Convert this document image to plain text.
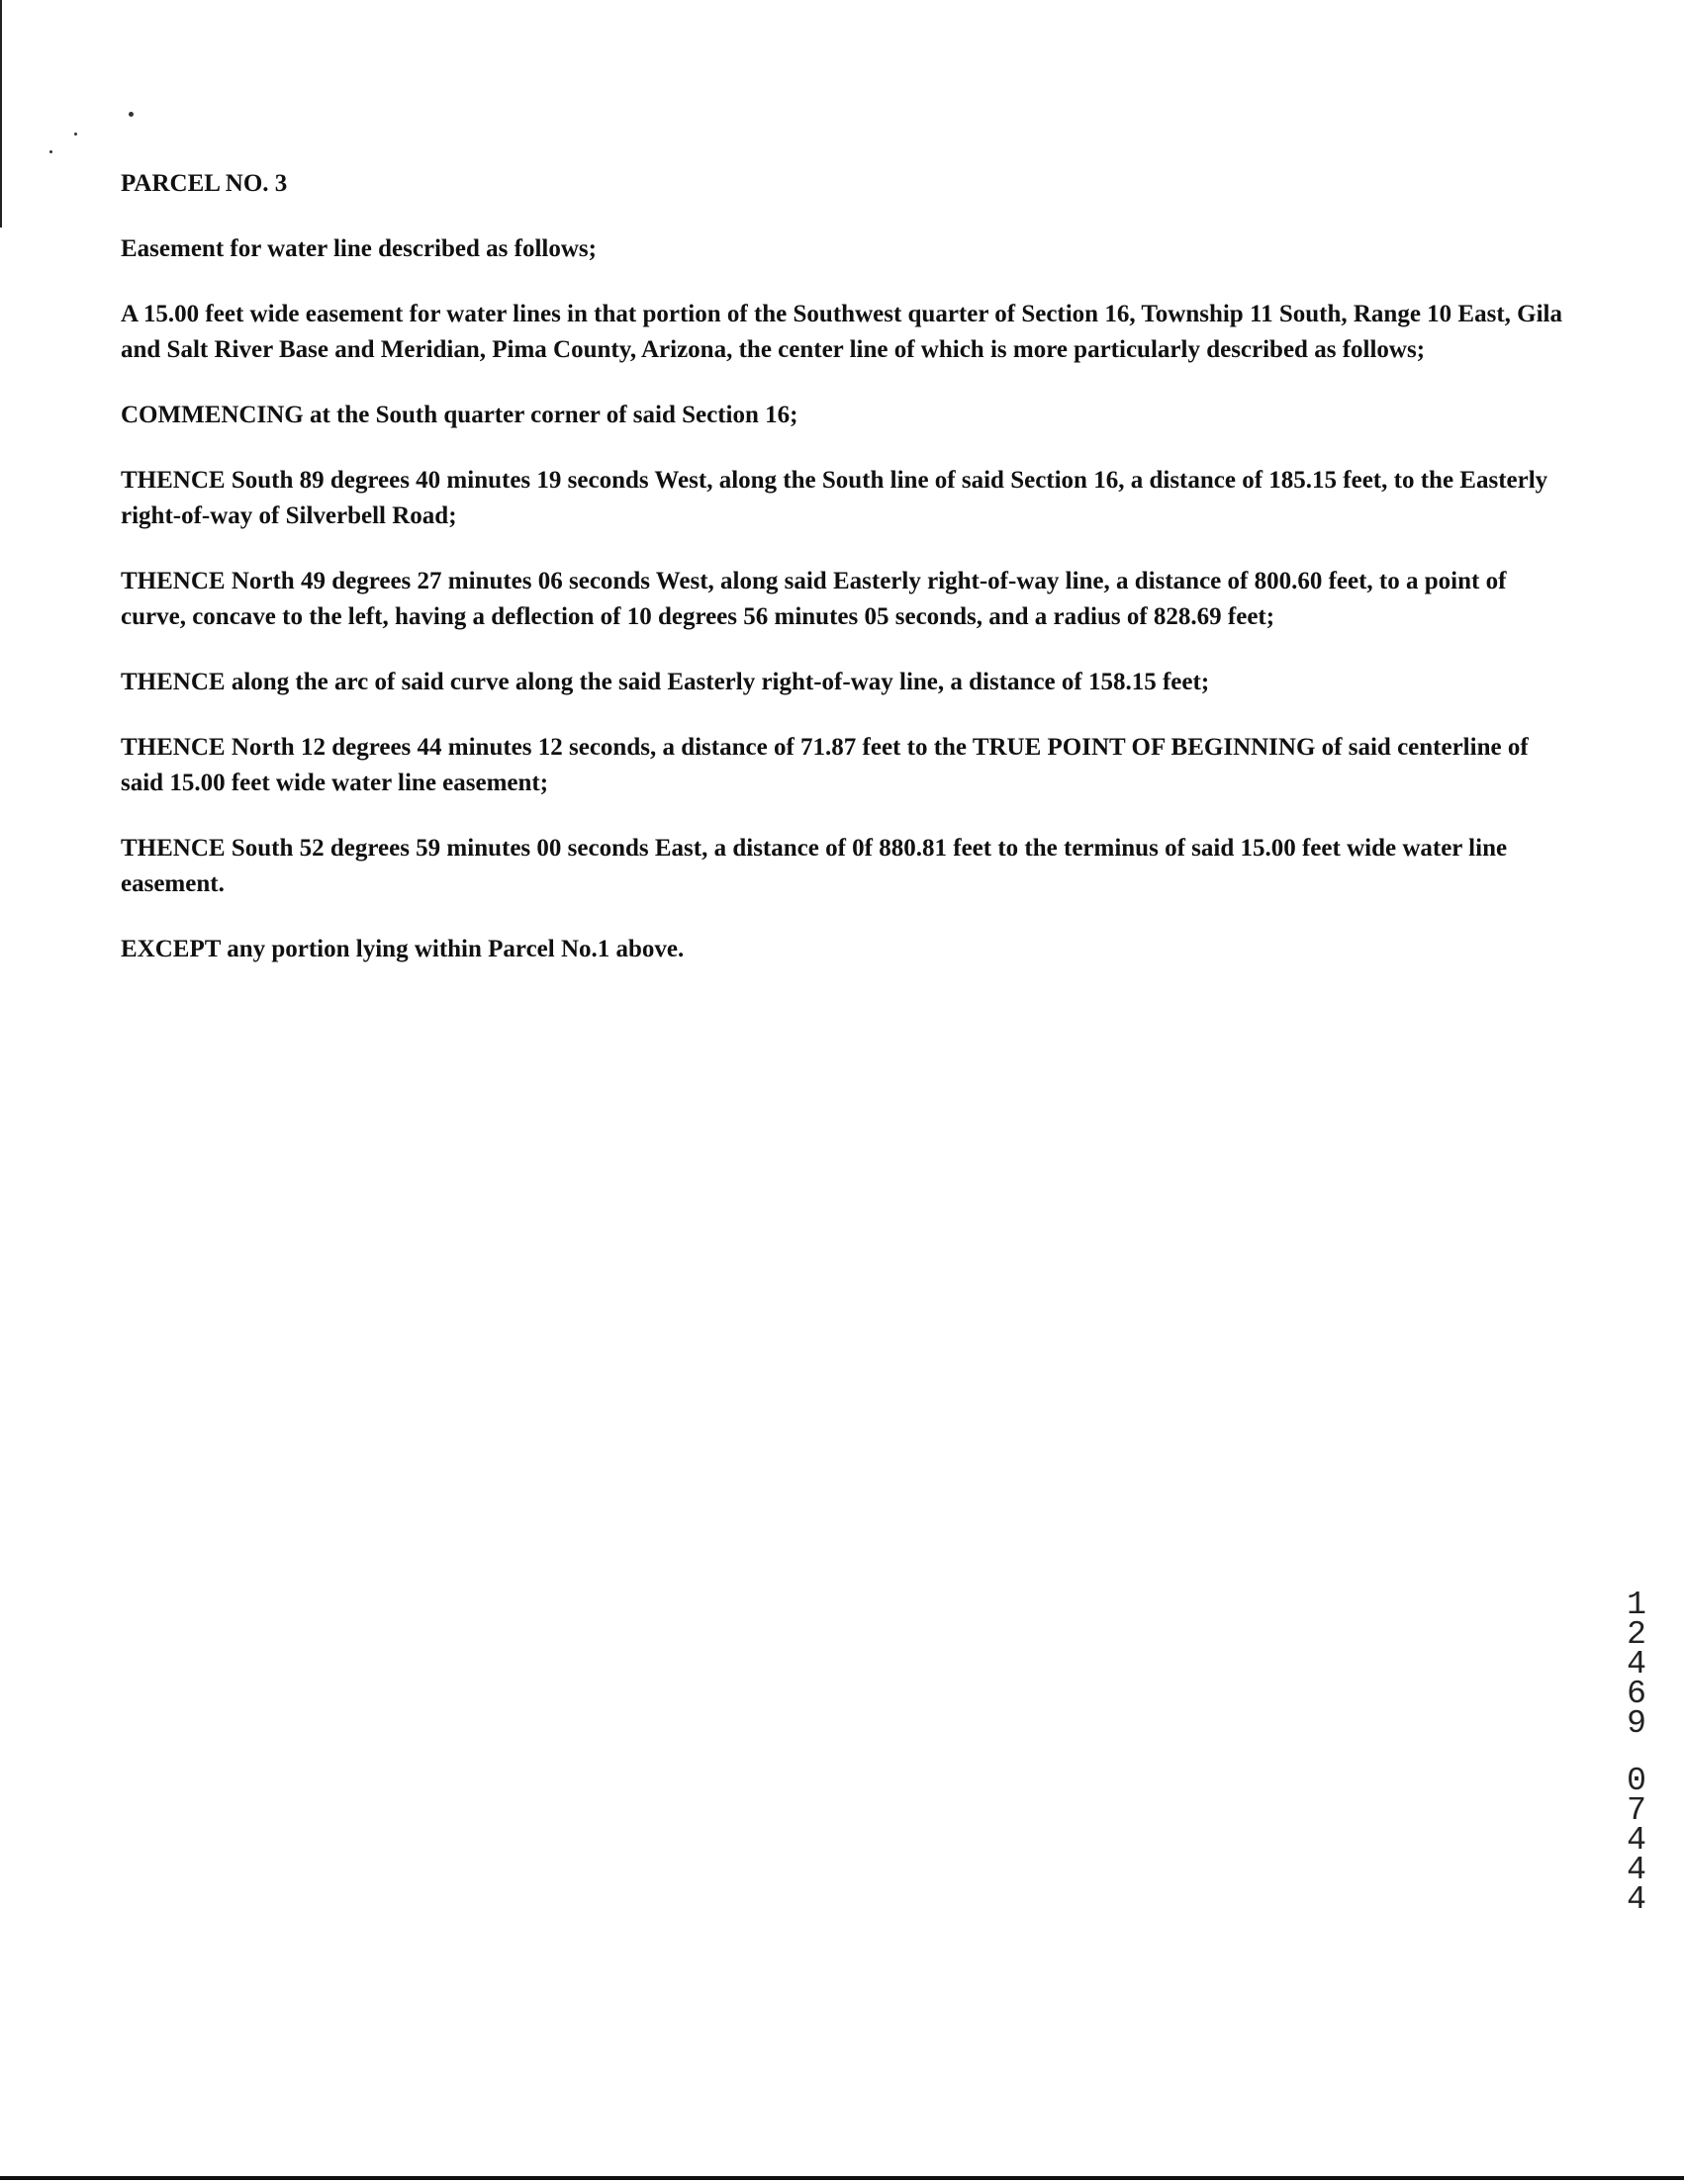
PARCEL NO. 3

Easement for water line described as follows;

A 15.00 feet wide easement for water lines in that portion of the Southwest quarter of Section 16, Township 11 South, Range 10 East, Gila and Salt River Base and Meridian, Pima County, Arizona, the center line of which is more particularly described as follows;

COMMENCING at the South quarter corner of said Section 16;

THENCE South 89 degrees 40 minutes 19 seconds West, along the South line of said Section 16, a distance of 185.15 feet, to the Easterly right-of-way of Silverbell Road;

THENCE North 49 degrees 27 minutes 06 seconds West, along said Easterly right-of-way line, a distance of 800.60 feet, to a point of curve, concave to the left, having a deflection of 10 degrees 56 minutes 05 seconds, and a radius of 828.69 feet;

THENCE along the arc of said curve along the said Easterly right-of-way line, a distance of 158.15 feet;

THENCE North 12 degrees 44 minutes 12 seconds, a distance of 71.87 feet to the TRUE POINT OF BEGINNING of said centerline of said 15.00 feet wide water line easement;

THENCE South 52 degrees 59 minutes 00 seconds East, a distance of 0f 880.81 feet to the terminus of said 15.00 feet wide water line easement.

EXCEPT any portion lying within Parcel No.1 above.

1
2
4
6
9
0
7
4
4
4
